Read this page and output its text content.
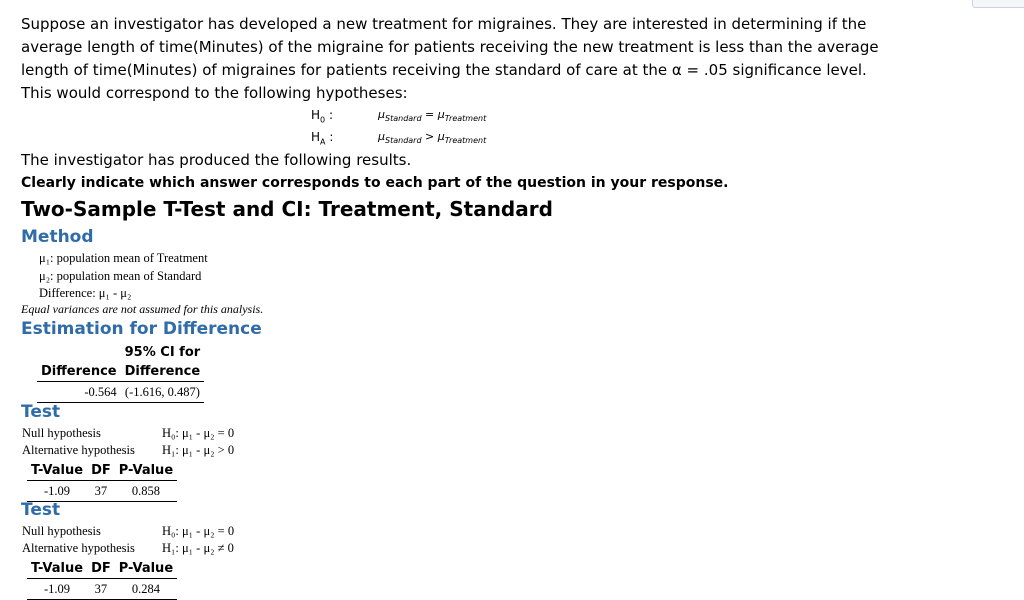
Suppose an investigator has developed a new treatment for migraines. They are interested in determining if the average length of time(Minutes) of the migraine for patients receiving the new treatment is less than the average length of time(Minutes) of migraines for patients receiving the standard of care at the α = .05 significance level. This would correspond to the following hypotheses:
$H_0$ :	$\mu_{Standard} = \mu_{Treatment}$
$H_A$ :	$\mu_{Standard} > \mu_{Treatment}$
The investigator has produced the following results.
Clearly indicate which answer corresponds to each part of the question in your response.
Two-Sample T-Test and CI: Treatment, Standard
Method
μ₁: population mean of Treatment
μ₂: population mean of Standard
Difference: μ₁ - μ₂
Equal variances are not assumed for this analysis.
Estimation for Difference
	95% CI for
Difference	Difference
-0.564	(-1.616, 0.487)
Test
Null hypothesis	H₀: μ₁ - μ₂ = 0
Alternative hypothesis H₁: μ₁ - μ₂ > 0
T-Value	DF	P-Value
-1.09	37	0.858
Test
Null hypothesis	H₀: μ₁ - μ₂ = 0
Alternative hypothesis H₁: μ₁ - μ₂ ≠ 0
T-Value	DF	P-Value
-1.09	37	0.284
